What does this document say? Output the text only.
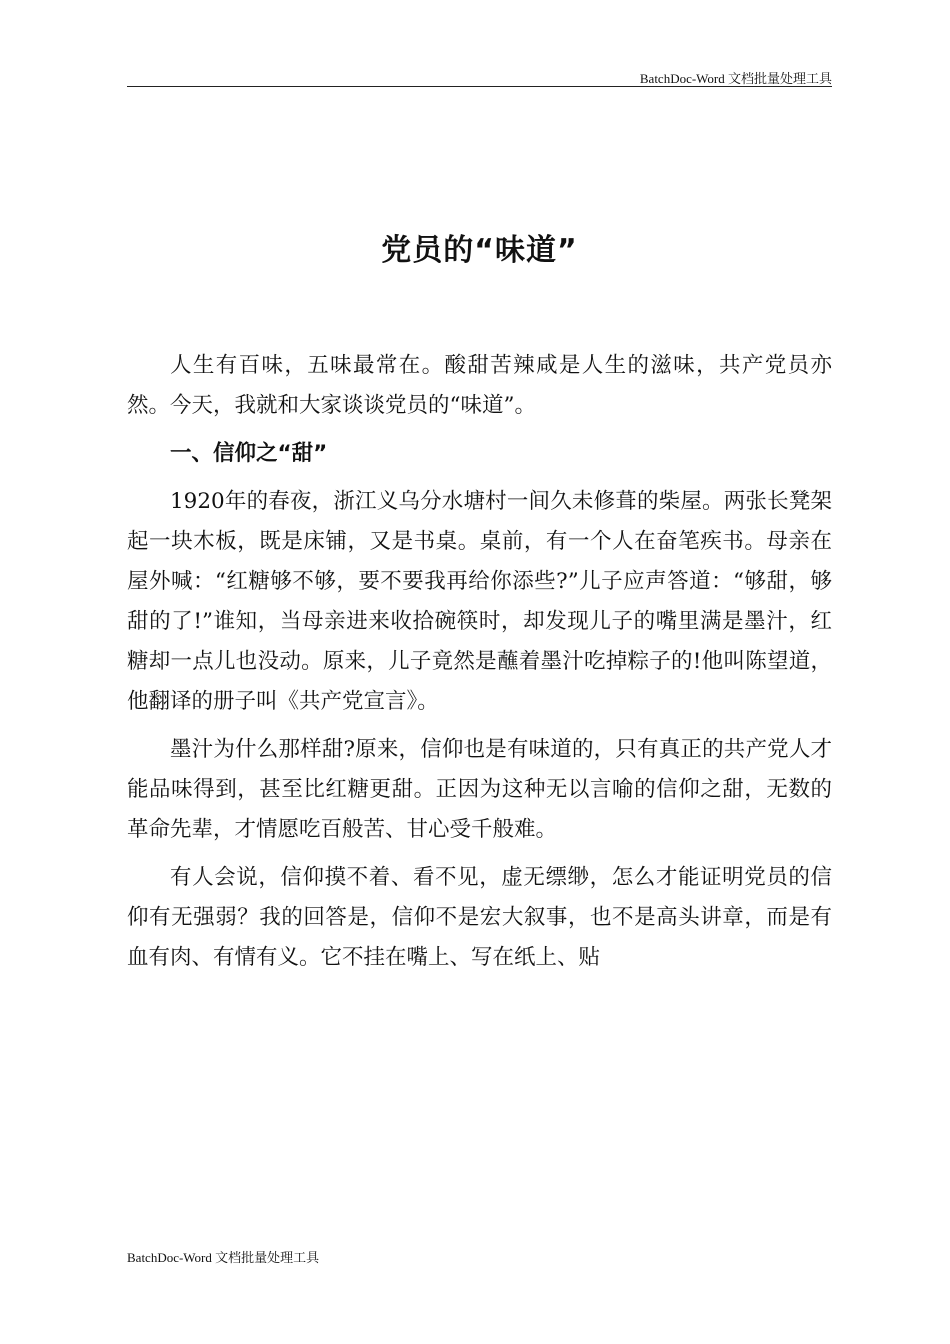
BatchDoc-Word 文档批量处理工具
党员的“味道”

人生有百味，五味最常在。酸甜苦辣咸是人生的滋味，共产党员亦然。今天，我就和大家谈谈党员的“味道”。

一、信仰之“甜”

1920年的春夜，浙江义乌分水塘村一间久未修葺的柴屋。两张长凳架起一块木板，既是床铺，又是书桌。桌前，有一个人在奋笔疾书。母亲在屋外喊：“红糖够不够，要不要我再给你添些?”儿子应声答道：“够甜，够甜的了!”谁知，当母亲进来收拾碗筷时，却发现儿子的嘴里满是墨汁，红糖却一点儿也没动。原来，儿子竟然是蘸着墨汁吃掉粽子的!他叫陈望道，他翻译的册子叫《共产党宣言》。

墨汁为什么那样甜?原来，信仰也是有味道的，只有真正的共产党人才能品味得到，甚至比红糖更甜。正因为这种无以言喻的信仰之甜，无数的革命先辈，才情愿吃百般苦、甘心受千般难。

有人会说，信仰摸不着、看不见，虚无缥缈，怎么才能证明党员的信仰有无强弱？我的回答是，信仰不是宏大叙事，也不是高头讲章，而是有血有肉、有情有义。它不挂在嘴上、写在纸上、贴

BatchDoc-Word 文档批量处理工具
